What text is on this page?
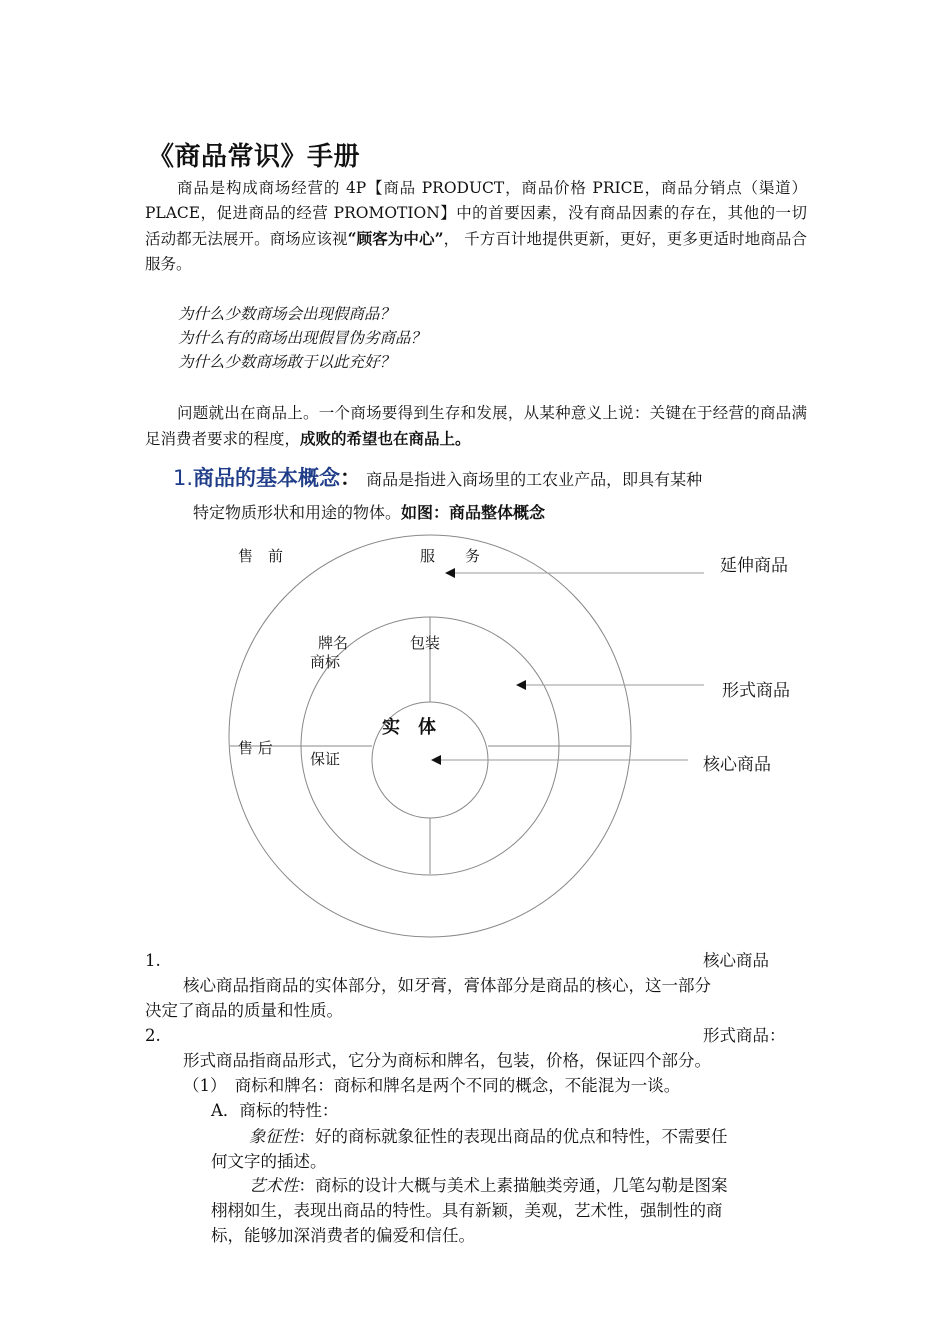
《商品常识》手册
商品是构成商场经营的 4P【商品 PRODUCT，商品价格 PRICE，商品分销点（渠道）PLACE，促进商品的经营 PROMOTION】中的首要因素，没有商品因素的存在，其他的一切活动都无法展开。商场应该视“顾客为中心”， 千方百计地提供更新，更好，更多更适时地商品合服务。
为什么少数商场会出现假商品？
为什么有的商场出现假冒伪劣商品？
为什么少数商场敢于以此充好？
问题就出在商品上。一个商场要得到生存和发展，从某种意义上说：关键在于经营的商品满足消费者要求的程度，成败的希望也在商品上。
1.商品的基本概念： 商品是指进入商场里的工农业产品，即具有某种
特定物质形状和用途的物体。如图：商品整体概念
售　前	服　　务
牌名
商标
包装
实　体
售 后
保证
延伸商品
形式商品
核心商品
1.	核心商品
核心商品指商品的实体部分，如牙膏，膏体部分是商品的核心，这一部分
决定了商品的质量和性质。
2.	形式商品：
形式商品指商品形式，它分为商标和牌名，包装，价格，保证四个部分。
（1）　商标和牌名：商标和牌名是两个不同的概念，不能混为一谈。
A．商标的特性：
象征性：好的商标就象征性的表现出商品的优点和特性，不需要任
何文字的插述。
艺术性：商标的设计大概与美术上素描触类旁通，几笔勾勒是图案
栩栩如生，表现出商品的特性。具有新颖，美观，艺术性，强制性的商
标，能够加深消费者的偏爱和信任。
